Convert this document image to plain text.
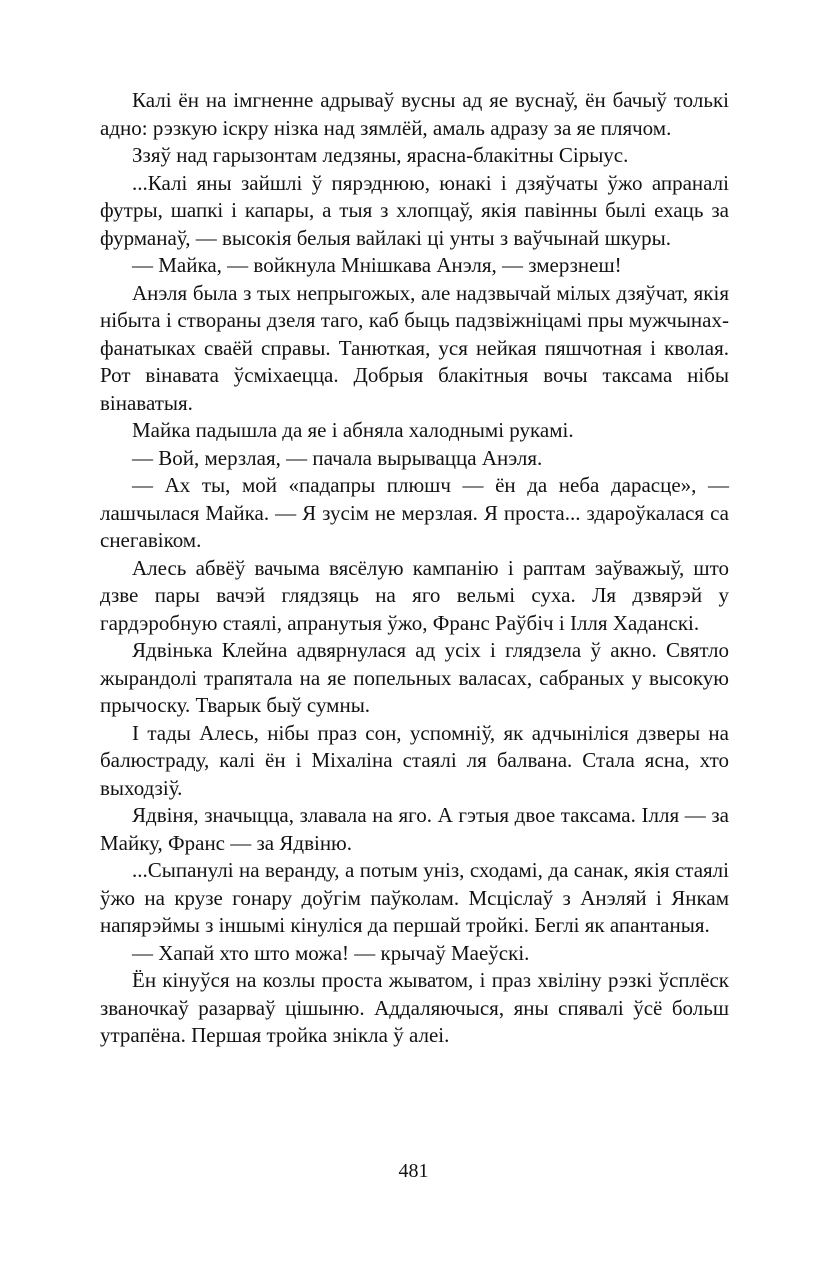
Калі ён на імгненне адрываў вусны ад яе вуснаў, ён бачыў толькі адно: рэзкую іскру нізка над зямлёй, амаль адразу за яе плячом.

Ззяў над гарызонтам ледзяны, ярасна-блакітны Сірыус.

...Калі яны зайшлі ў пярэднюю, юнакі і дзяўчаты ўжо апраналі футры, шапкі і капары, а тыя з хлопцаў, якія павінны былі ехаць за фурманаў, — высокія белыя вайлакі ці унты з ваўчынай шкуры.

— Майка, — войкнула Мнішкава Анэля, — змерзнеш!

Анэля была з тых непрыгожых, але надзвычай мілых дзяўчат, якія нібыта і створаны дзеля таго, каб быць падзвіжніцамі пры мужчынах-фанатыках сваёй справы. Танюткая, уся нейкая пяшчотная і кволая. Рот вінавата ўсміхаецца. Добрыя блакітныя вочы таксама нібы вінаватыя.

Майка падышла да яе і абняла халоднымі рукамі.

— Вой, мерзлая, — пачала вырывацца Анэля.

— Ах ты, мой «падапры плюшч — ён да неба дарасце», — лашчылася Майка. — Я зусім не мерзлая. Я проста... здароўкалася са снегавіком.

Алесь абвёў вачыма вясёлую кампанію і раптам заўважыў, што дзве пары вачэй глядзяць на яго вельмі суха. Ля дзвярэй у гардэробную стаялі, апранутыя ўжо, Франс Раўбіч і Ілля Хаданскі.

Ядвінька Клейна адвярнулася ад усіх і глядзела ў акно. Святло жырандолі трапятала на яе попельных валасах, сабраных у высокую прычоску. Тварык быў сумны.

І тады Алесь, нібы праз сон, успомніў, як адчыніліся дзверы на балюстраду, калі ён і Міхаліна стаялі ля балвана. Стала ясна, хто выходзіў.

Ядвіня, значыцца, злавала на яго. А гэтыя двое таксама. Ілля — за Майку, Франс — за Ядвіню.

...Сыпанулі на веранду, а потым уніз, сходамі, да санак, якія стаялі ўжо на крузе гонару доўгім паўколам. Мсціслаў з Анэляй і Янкам напярэймы з іншымі кінуліся да першай тройкі. Беглі як апантаныя.

— Хапай хто што можа! — крычаў Маеўскі.

Ён кінуўся на козлы проста жыватом, і праз хвіліну рэзкі ўсплёск званочкаў разарваў цішыню. Аддаляючыся, яны спявалі ўсё больш утрапёна. Першая тройка знікла ў алеі.

481
